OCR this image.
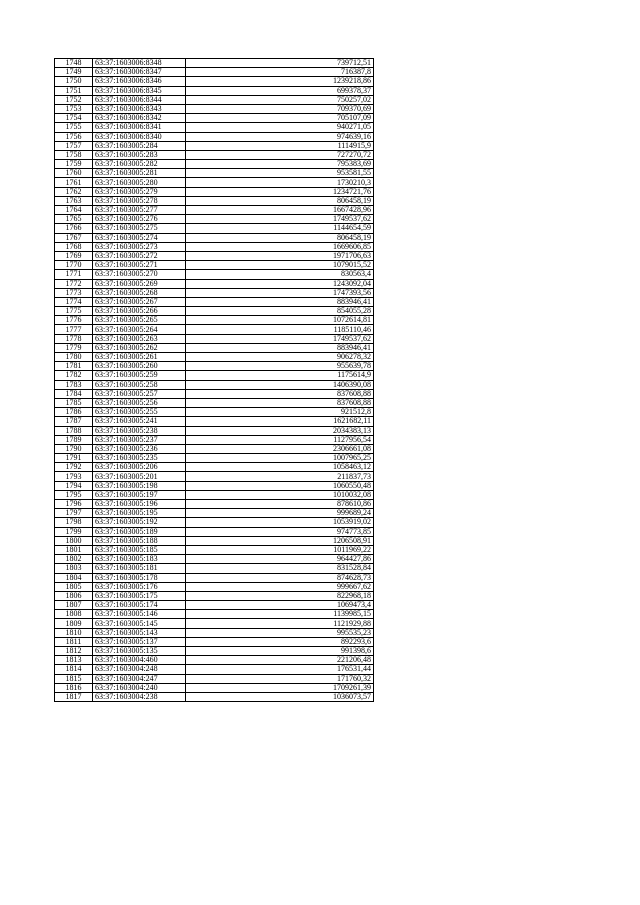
1748	63:37:1603006:8348	739712,51
1749	63:37:1603006:8347	716387,8
1750	63:37:1603006:8346	1239218,86
1751	63:37:1603006:8345	699378,37
1752	63:37:1603006:8344	750257,02
1753	63:37:1603006:8343	709370,69
1754	63:37:1603006:8342	705107,09
1755	63:37:1603006:8341	940271,05
1756	63:37:1603006:8340	974639,16
1757	63:37:1603005:284	1114915,9
1758	63:37:1603005:283	727270,72
1759	63:37:1603005:282	795383,69
1760	63:37:1603005:281	953581,55
1761	63:37:1603005:280	1730210,3
1762	63:37:1603005:279	1234721,76
1763	63:37:1603005:278	806458,19
1764	63:37:1603005:277	1667428,96
1765	63:37:1603005:276	1749537,62
1766	63:37:1603005:275	1144654,59
1767	63:37:1603005:274	806458,19
1768	63:37:1603005:273	1669606,85
1769	63:37:1603005:272	1971706,63
1770	63:37:1603005:271	1079015,52
1771	63:37:1603005:270	830563,4
1772	63:37:1603005:269	1243092,04
1773	63:37:1603005:268	1747393,56
1774	63:37:1603005:267	883946,41
1775	63:37:1603005:266	854055,28
1776	63:37:1603005:265	1072614,81
1777	63:37:1603005:264	1185110,46
1778	63:37:1603005:263	1749537,62
1779	63:37:1603005:262	883946,41
1780	63:37:1603005:261	906278,32
1781	63:37:1603005:260	955639,78
1782	63:37:1603005:259	1175614,9
1783	63:37:1603005:258	1406390,08
1784	63:37:1603005:257	837608,88
1785	63:37:1603005:256	837608,88
1786	63:37:1603005:255	921512,8
1787	63:37:1603005:241	1621682,11
1788	63:37:1603005:238	2034383,13
1789	63:37:1603005:237	1127956,54
1790	63:37:1603005:236	2306661,08
1791	63:37:1603005:235	1007965,25
1792	63:37:1603005:206	1058463,12
1793	63:37:1603005:201	211837,73
1794	63:37:1603005:198	1060550,48
1795	63:37:1603005:197	1010032,08
1796	63:37:1603005:196	878610,86
1797	63:37:1603005:195	999689,24
1798	63:37:1603005:192	1053919,02
1799	63:37:1603005:189	974773,85
1800	63:37:1603005:188	1206508,91
1801	63:37:1603005:185	1011969,22
1802	63:37:1603005:183	964427,86
1803	63:37:1603005:181	831528,84
1804	63:37:1603005:178	874628,73
1805	63:37:1603005:176	999667,62
1806	63:37:1603005:175	822968,18
1807	63:37:1603005:174	1069473,4
1808	63:37:1603005:146	1139985,15
1809	63:37:1603005:145	1121929,88
1810	63:37:1603005:143	995535,23
1811	63:37:1603005:137	892293,6
1812	63:37:1603005:135	991398,6
1813	63:37:1603004:460	221206,48
1814	63:37:1603004:248	176531,44
1815	63:37:1603004:247	171760,32
1816	63:37:1603004:240	1709261,39
1817	63:37:1603004:238	1036073,57
